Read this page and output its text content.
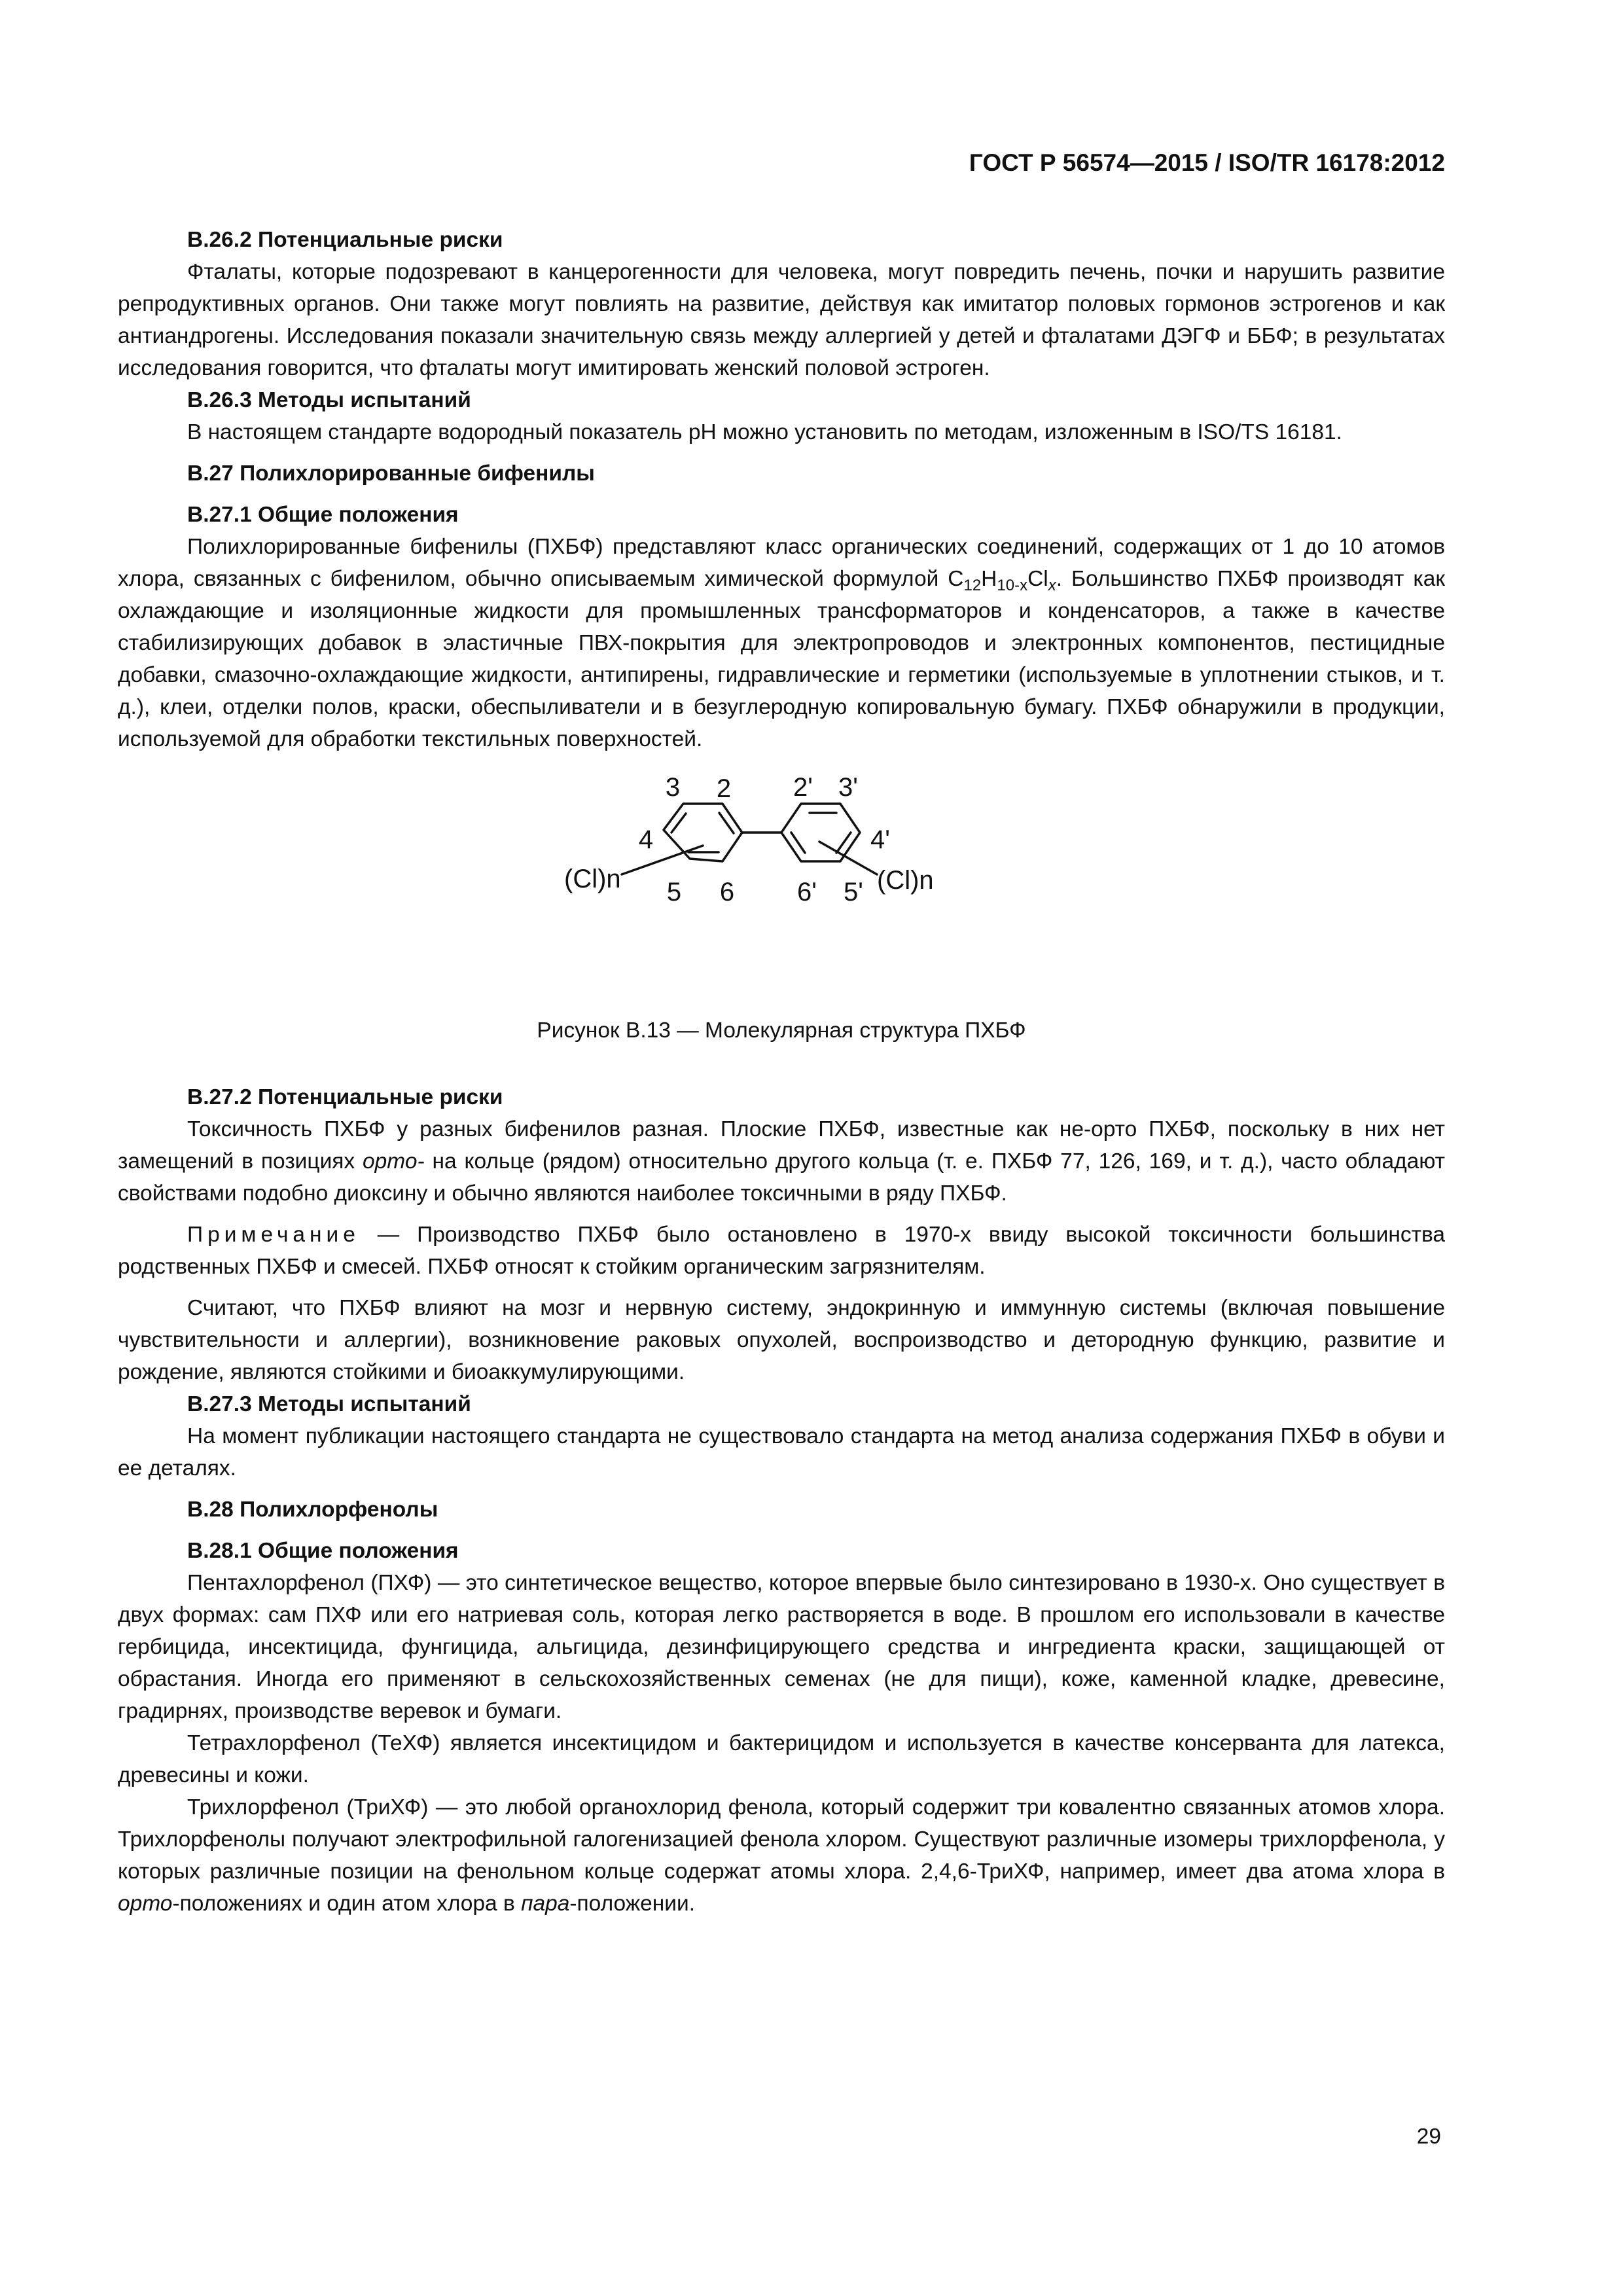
ГОСТ Р 56574—2015 / ISO/TR 16178:2012
В.26.2 Потенциальные риски

Фталаты, которые подозревают в канцерогенности для человека, могут повредить печень, почки и нарушить развитие репродуктивных органов. Они также могут повлиять на развитие, действуя как имитатор половых гормонов эстрогенов и как антиандрогены. Исследования показали значительную связь между аллергией у детей и фталатами ДЭГФ и ББФ; в результатах исследования говорится, что фталаты могут имитировать женский половой эстроген.

В.26.3 Методы испытаний

В настоящем стандарте водородный показатель pH можно установить по методам, изложенным в ISO/TS 16181.

В.27 Полихлорированные бифенилы
В.27.1 Общие положения

Полихлорированные бифенилы (ПХБФ) представляют класс органических соединений, содержащих от 1 до 10 атомов хлора, связанных с бифенилом, обычно описываемым химической формулой $C_{12}H_{10-x}Cl_x$. Большинство ПХБФ производят как охлаждающие и изоляционные жидкости для промышленных трансформаторов и конденсаторов, а также в качестве стабилизирующих добавок в эластичные ПВХ-покрытия для электропроводов и электронных компонентов, пестицидные добавки, смазочно-охлаждающие жидкости, антипирены, гидравлические и герметики (используемые в уплотнении стыков, и т. д.), клеи, отделки полов, краски, обеспыливатели и в безуглеродную копировальную бумагу. ПХБФ обнаружили в продукции, используемой для обработки текстильных поверхностей.

3 2 2' 3'
4	4'
(Cl)n	(Cl)n
5 6 6' 5'

Рисунок В.13 — Молекулярная структура ПХБФ

В.27.2 Потенциальные риски

Токсичность ПХБФ у разных бифенилов разная. Плоские ПХБФ, известные как не-орто ПХБФ, поскольку в них нет замещений в позициях орто- на кольце (рядом) относительно другого кольца (т. е. ПХБФ 77, 126, 169, и т. д.), часто обладают свойствами подобно диоксину и обычно являются наиболее токсичными в ряду ПХБФ.

Примечание — Производство ПХБФ было остановлено в 1970-х ввиду высокой токсичности большинства родственных ПХБФ и смесей. ПХБФ относят к стойким органическим загрязнителям.

Считают, что ПХБФ влияют на мозг и нервную систему, эндокринную и иммунную системы (включая повышение чувствительности и аллергии), возникновение раковых опухолей, воспроизводство и детородную функцию, развитие и рождение, являются стойкими и биоаккумулирующими.

В.27.3 Методы испытаний

На момент публикации настоящего стандарта не существовало стандарта на метод анализа содержания ПХБФ в обуви и ее деталях.

В.28 Полихлорфенолы
В.28.1 Общие положения

Пентахлорфенол (ПХФ) — это синтетическое вещество, которое впервые было синтезировано в 1930-х. Оно существует в двух формах: сам ПХФ или его натриевая соль, которая легко растворяется в воде. В прошлом его использовали в качестве гербицида, инсектицида, фунгицида, альгицида, дезинфицирующего средства и ингредиента краски, защищающей от обрастания. Иногда его применяют в сельскохозяйственных семенах (не для пищи), коже, каменной кладке, древесине, градирнях, производстве веревок и бумаги.

Тетрахлорфенол (ТеХФ) является инсектицидом и бактерицидом и используется в качестве консерванта для латекса, древесины и кожи.

Трихлорфенол (ТриХФ) — это любой органохлорид фенола, который содержит три ковалентно связанных атомов хлора. Трихлорфенолы получают электрофильной галогенизацией фенола хлором. Существуют различные изомеры трихлорфенола, у которых различные позиции на фенольном кольце содержат атомы хлора. 2,4,6-ТриХФ, например, имеет два атома хлора в орто-положениях и один атом хлора в пара-положении.

29
